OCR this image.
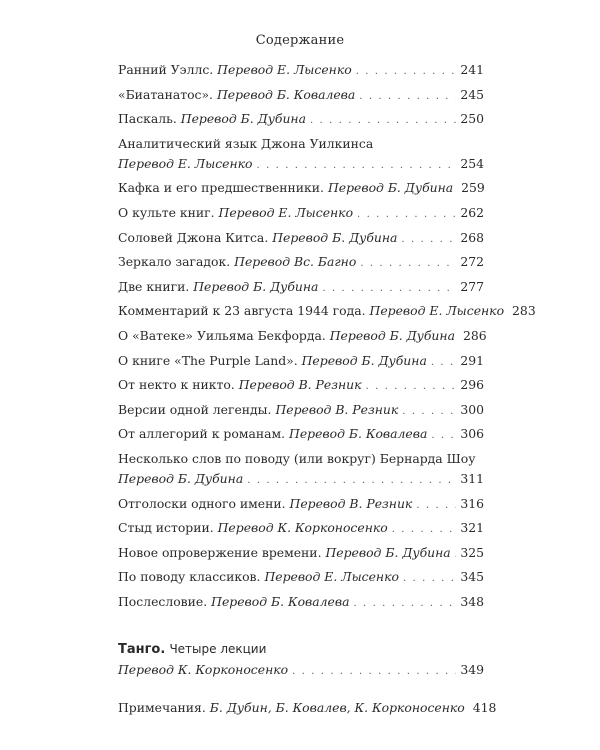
Содержание
Ранний Уэллс.
Перевод Е. Лысенко . . .	241
«Биатанатос».
Перевод Б. Ковалева . . .	245
Паскаль.
Перевод Б. Дубина . . .	250
Аналитический язык Джона Уилкинса
Перевод Е. Лысенко . . .	254
Кафка и его предшественники.
Перевод Б. Дубина 259
О культе книг.
Перевод Е. Лысенко . . .	262
Соловей Джона Китса.
Перевод Б. Дубина . . .	268
Зеркало загадок.
Перевод Вс. Багно . . .	272
Две книги.
Перевод Б. Дубина . . .	277
Комментарий к 23 августа 1944 года.
Перевод Е. Лысенко 283
О «Ватеке» Уильяма Бекфорда.
Перевод Б. Дубина 286
О книге «The Purple Land».
Перевод Б. Дубина . . .	291
От некто к никто.
Перевод В. Резник . . .	296
Версии одной легенды.
Перевод В. Резник . . .	300
От аллегорий к романам.
Перевод Б. Ковалева . . .	306
Несколько слов по поводу (или вокруг) Бернарда Шоу
Перевод Б. Дубина . . .	311
Отголоски одного имени.
Перевод В. Резник . . .	316
Стыд истории.
Перевод К. Корконосенко . . .	321
Новое опровержение времени.
Перевод Б. Дубина . . . 325
По поводу классиков.
Перевод Е. Лысенко . . .	345
Послесловие.
Перевод Б. Ковалева . . .	348
Танго.
Четыре лекции
Перевод К. Корконосенко . . .	349
Примечания.
Б. Дубин, Б. Ковалев, К. Корконосенко 418
